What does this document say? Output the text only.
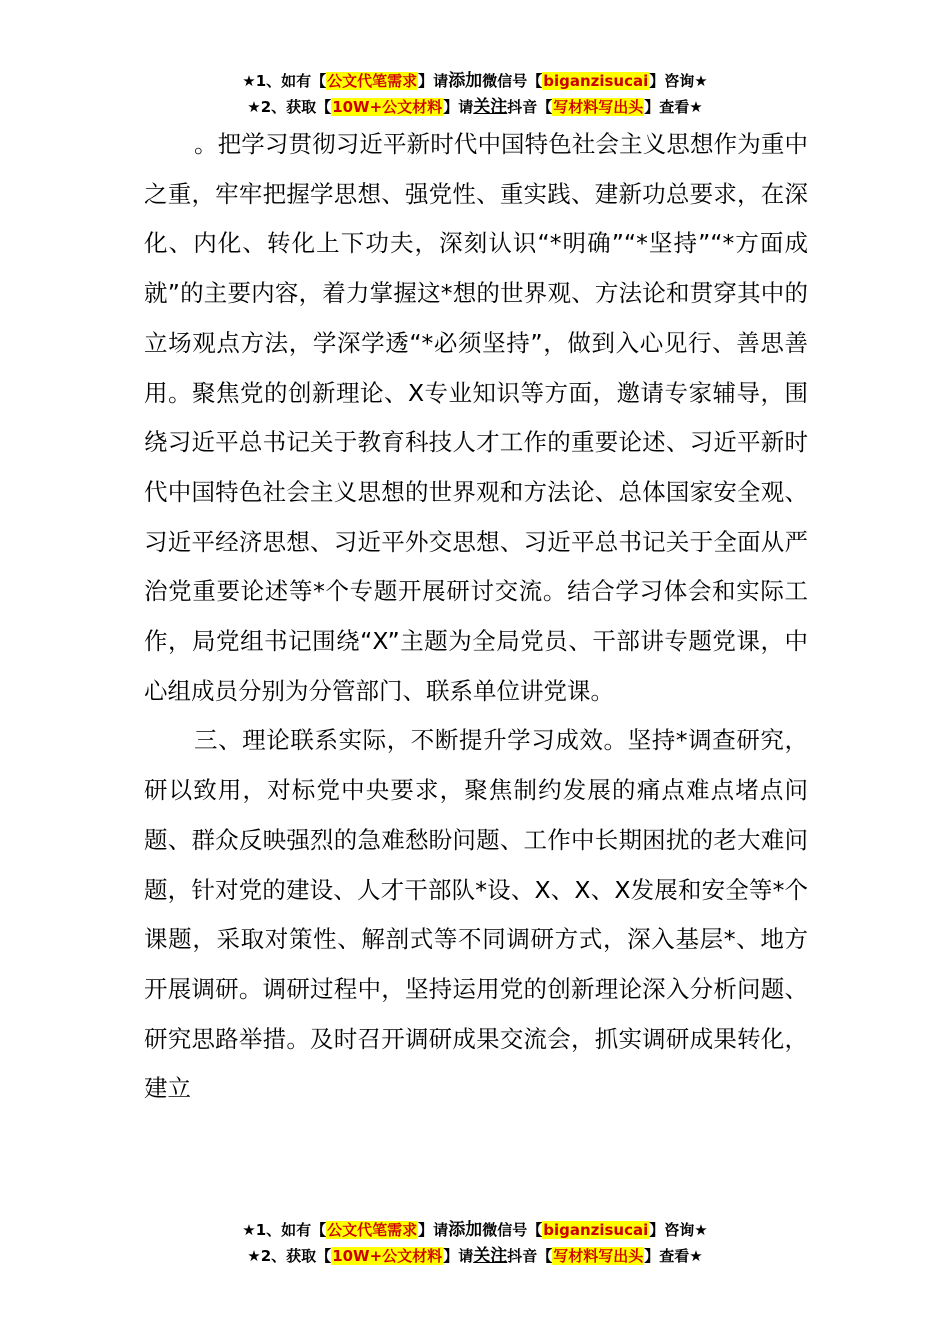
★1、如有【公文代笔需求】请添加微信号【biganzisucai】咨询★
★2、获取【10W+公文材料】请关注抖音【写材料写出头】查看★

。把学习贯彻习近平新时代中国特色社会主义思想作为重中之重，牢牢把握学思想、强党性、重实践、建新功总要求，在深化、内化、转化上下功夫，深刻认识“*明确”“*坚持”“*方面成就”的主要内容，着力掌握这*想的世界观、方法论和贯穿其中的立场观点方法，学深学透“*必须坚持”，做到入心见行、善思善用。聚焦党的创新理论、X专业知识等方面，邀请专家辅导，围绕习近平总书记关于教育科技人才工作的重要论述、习近平新时代中国特色社会主义思想的世界观和方法论、总体国家安全观、习近平经济思想、习近平外交思想、习近平总书记关于全面从严治党重要论述等*个专题开展研讨交流。结合学习体会和实际工作，局党组书记围绕“X”主题为全局党员、干部讲专题党课，中心组成员分别为分管部门、联系单位讲党课。

三、理论联系实际，不断提升学习成效。坚持*调查研究，研以致用，对标党中央要求，聚焦制约发展的痛点难点堵点问题、群众反映强烈的急难愁盼问题、工作中长期困扰的老大难问题，针对党的建设、人才干部队*设、X、X、X发展和安全等*个课题，采取对策性、解剖式等不同调研方式，深入基层*、地方开展调研。调研过程中，坚持运用党的创新理论深入分析问题、研究思路举措。及时召开调研成果交流会，抓实调研成果转化，建立

★1、如有【公文代笔需求】请添加微信号【biganzisucai】咨询★
★2、获取【10W+公文材料】请关注抖音【写材料写出头】查看★
